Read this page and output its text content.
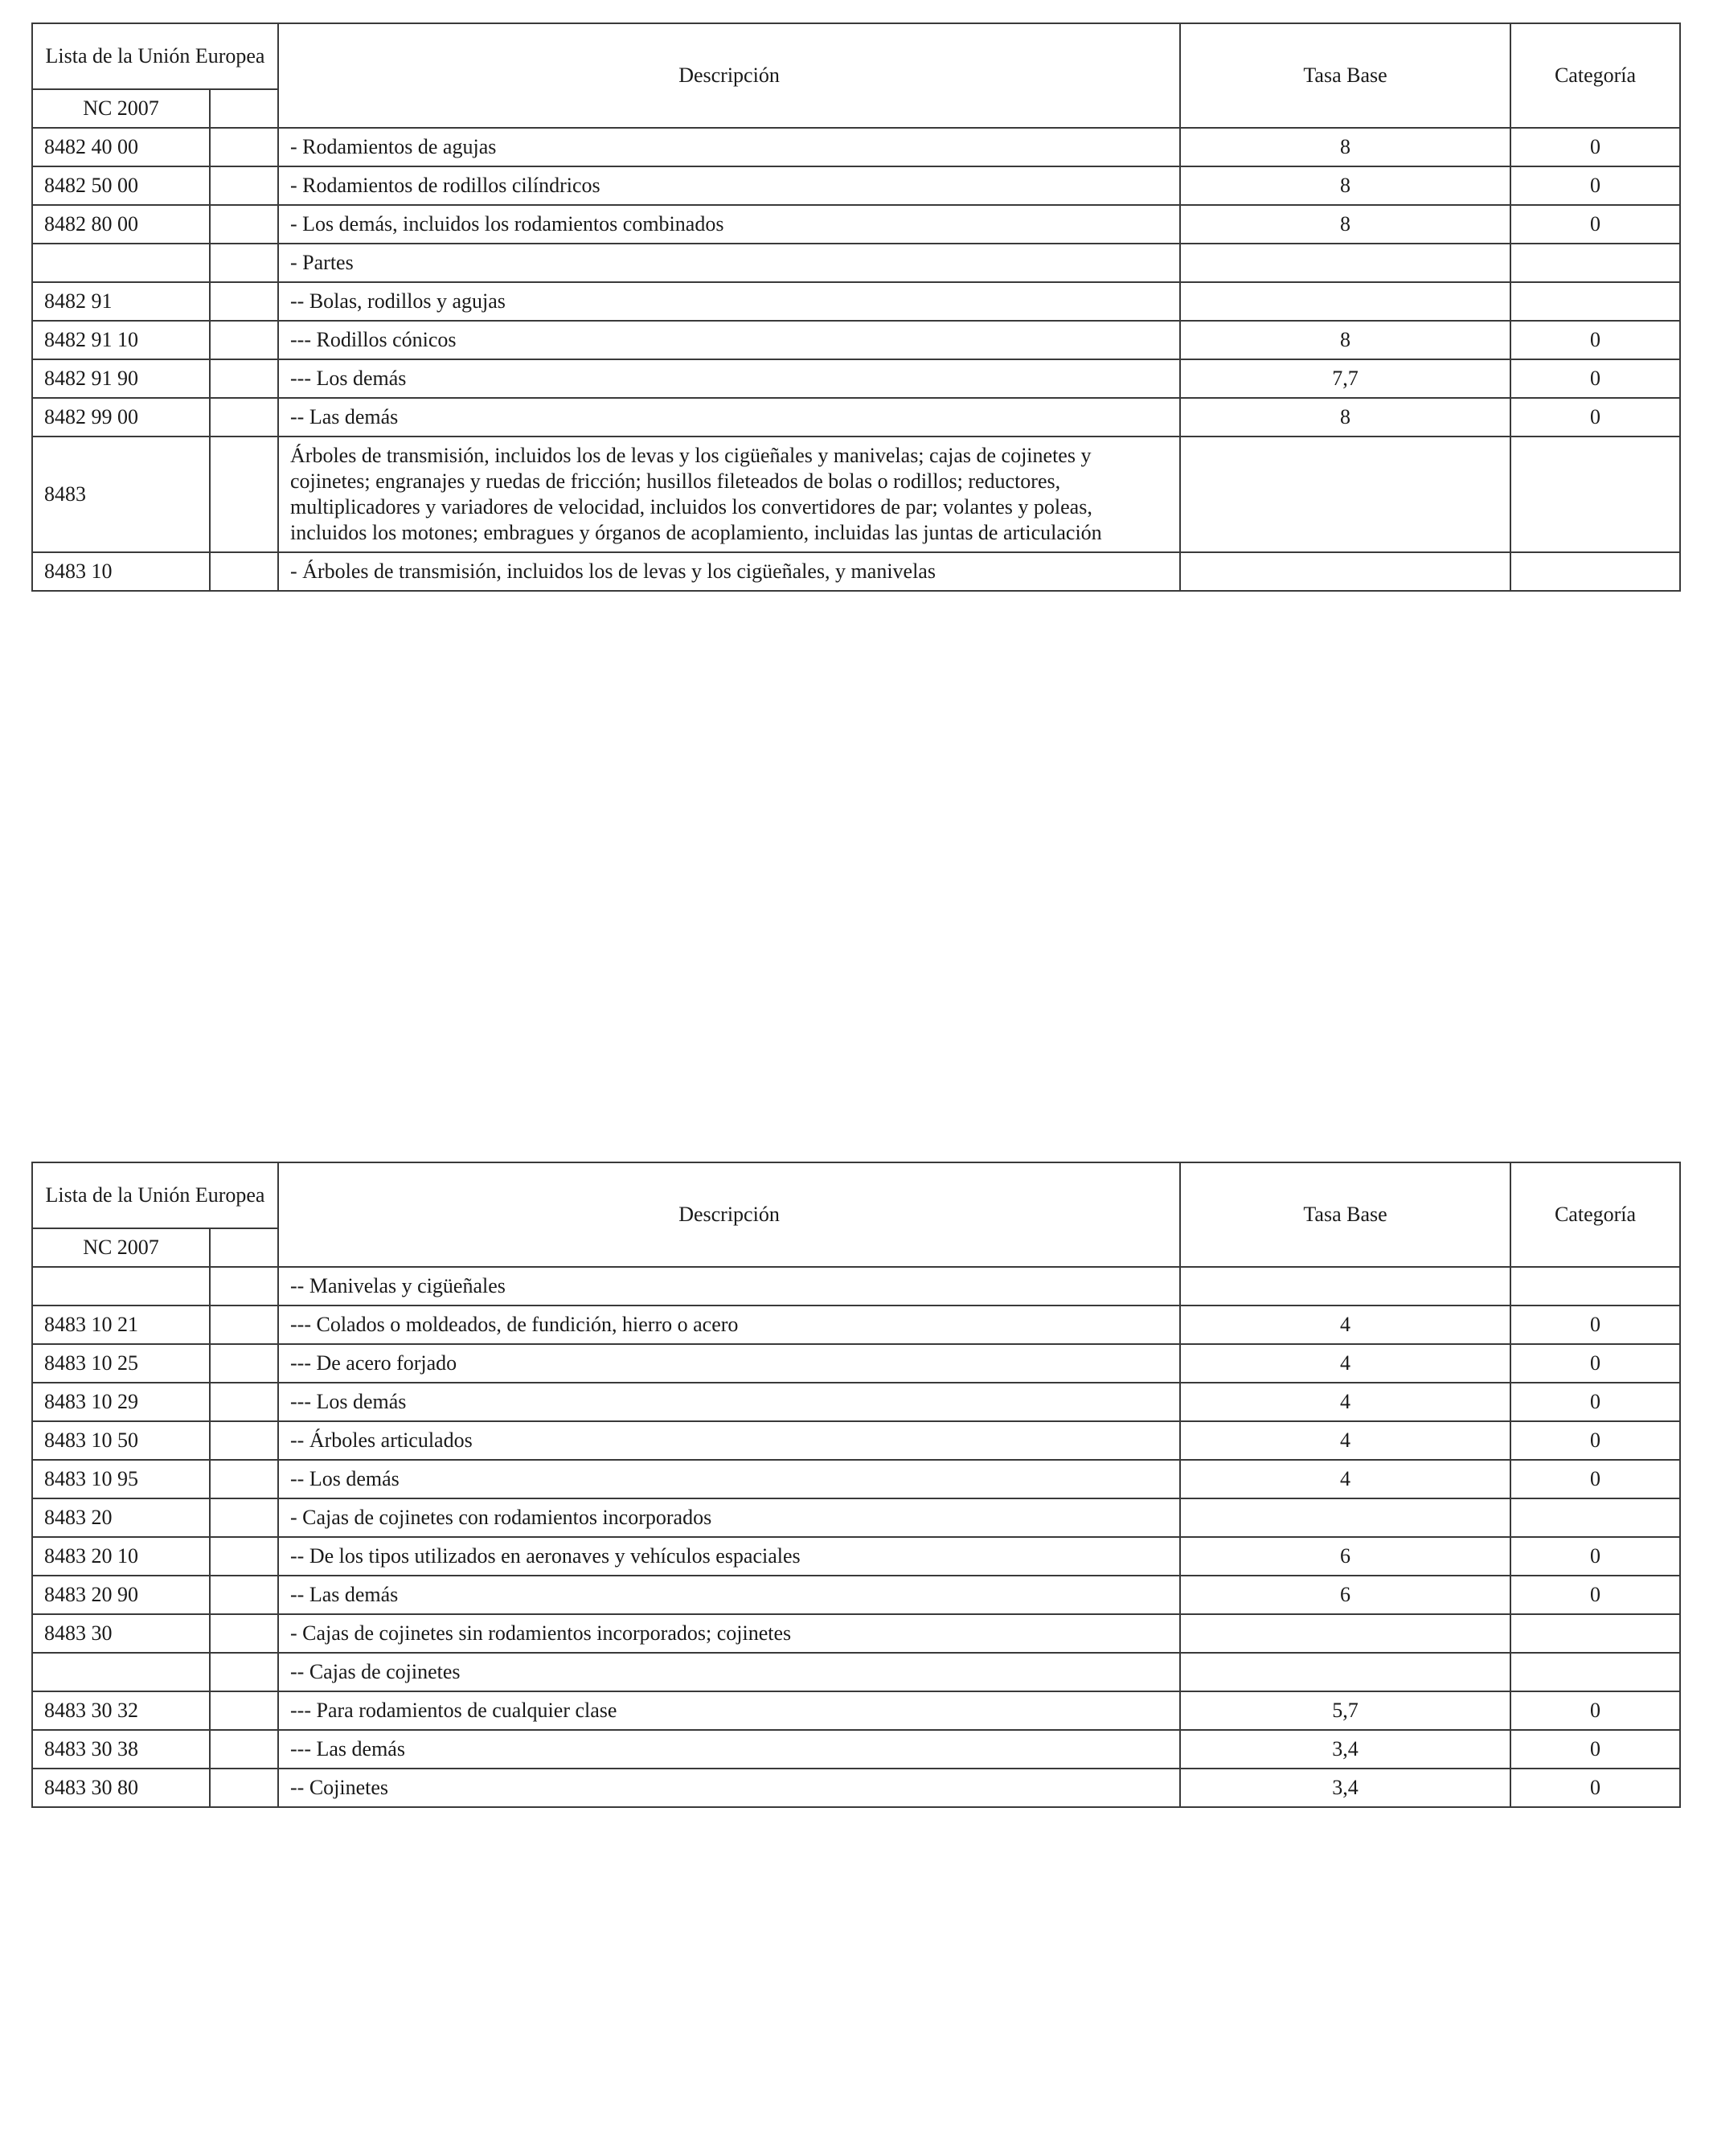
Lista de la Unión Europea		Descripción	Tasa Base	Categoría
NC 2007				
8482 40 00		- Rodamientos de agujas	8	0
8482 50 00		- Rodamientos de rodillos cilíndricos	8	0
8482 80 00		- Los demás, incluidos los rodamientos combinados	8	0
		- Partes		
8482 91		-- Bolas, rodillos y agujas		
8482 91 10		--- Rodillos cónicos	8	0
8482 91 90		--- Los demás	7,7	0
8482 99 00		-- Las demás	8	0
8483		Árboles de transmisión, incluidos los de levas y los cigüeñales y manivelas; cajas de cojinetes y cojinetes; engranajes y ruedas de fricción; husillos fileteados de bolas o rodillos; reductores, multiplicadores y variadores de velocidad, incluidos los convertidores de par; volantes y poleas, incluidos los motones; embragues y órganos de acoplamiento, incluidas las juntas de articulación		
8483 10		- Árboles de transmisión, incluidos los de levas y los cigüeñales, y manivelas		
Lista de la Unión Europea		Descripción	Tasa Base	Categoría
NC 2007				
		-- Manivelas y cigüeñales		
8483 10 21		--- Colados o moldeados, de fundición, hierro o acero	4	0
8483 10 25		--- De acero forjado	4	0
8483 10 29		--- Los demás	4	0
8483 10 50		-- Árboles articulados	4	0
8483 10 95		-- Los demás	4	0
8483 20		- Cajas de cojinetes con rodamientos incorporados		
8483 20 10		-- De los tipos utilizados en aeronaves y vehículos espaciales	6	0
8483 20 90		-- Las demás	6	0
8483 30		- Cajas de cojinetes sin rodamientos incorporados; cojinetes		
		-- Cajas de cojinetes		
8483 30 32		--- Para rodamientos de cualquier clase	5,7	0
8483 30 38		--- Las demás	3,4	0
8483 30 80		-- Cojinetes	3,4	0
